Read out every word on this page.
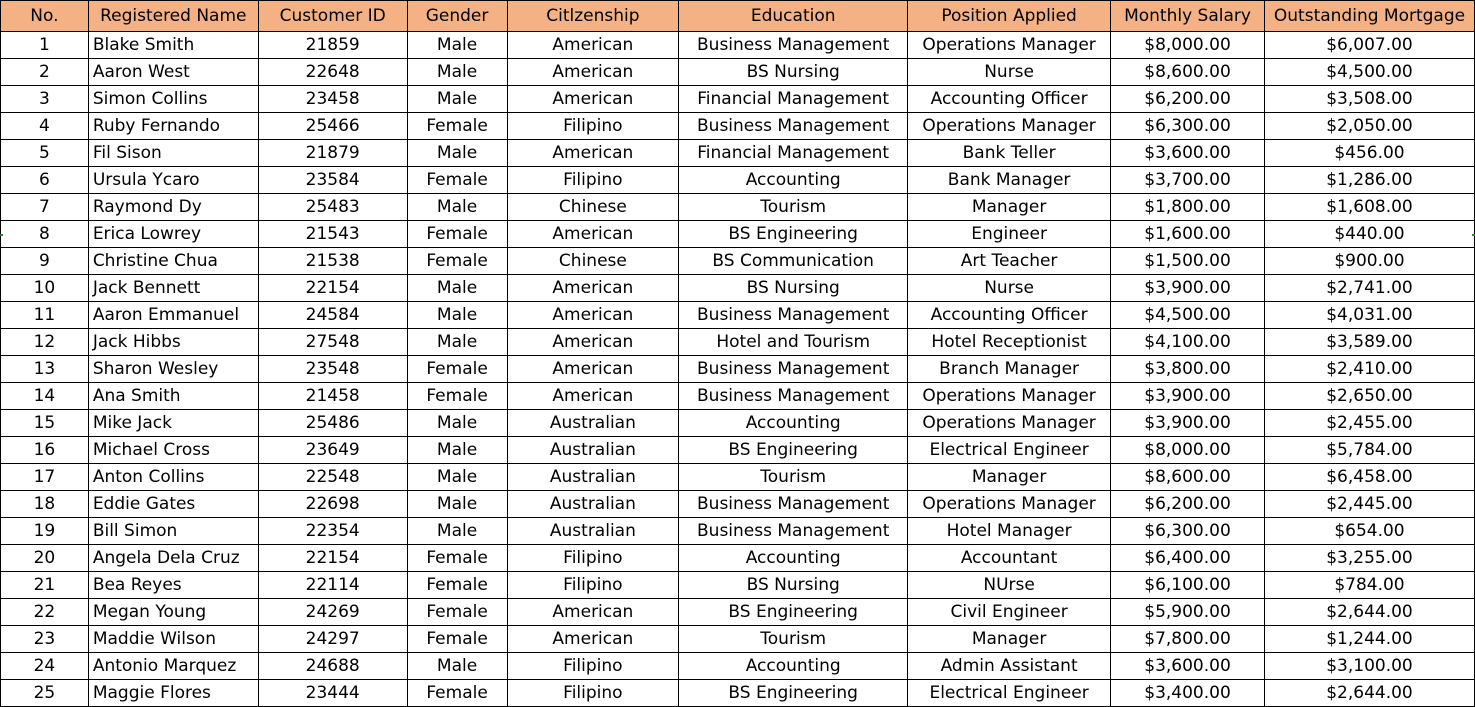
No.	Registered Name	Customer ID	Gender	Citlzenship	Education	Position Applied	Monthly Salary	Outstanding Mortgage
1	Blake Smith	21859	Male	American	Business Management	Operations Manager	$8,000.00	$6,007.00
2	Aaron West	22648	Male	American	BS Nursing	Nurse	$8,600.00	$4,500.00
3	Simon Collins	23458	Male	American	Financial Management	Accounting Officer	$6,200.00	$3,508.00
4	Ruby Fernando	25466	Female	Filipino	Business Management	Operations Manager	$6,300.00	$2,050.00
5	Fil Sison	21879	Male	American	Financial Management	Bank Teller	$3,600.00	$456.00
6	Ursula Ycaro	23584	Female	Filipino	Accounting	Bank Manager	$3,700.00	$1,286.00
7	Raymond Dy	25483	Male	Chinese	Tourism	Manager	$1,800.00	$1,608.00
8	Erica Lowrey	21543	Female	American	BS Engineering	Engineer	$1,600.00	$440.00
9	Christine Chua	21538	Female	Chinese	BS Communication	Art Teacher	$1,500.00	$900.00
10	Jack Bennett	22154	Male	American	BS Nursing	Nurse	$3,900.00	$2,741.00
11	Aaron Emmanuel	24584	Male	American	Business Management	Accounting Officer	$4,500.00	$4,031.00
12	Jack Hibbs	27548	Male	American	Hotel and Tourism	Hotel Receptionist	$4,100.00	$3,589.00
13	Sharon Wesley	23548	Female	American	Business Management	Branch Manager	$3,800.00	$2,410.00
14	Ana Smith	21458	Female	American	Business Management	Operations Manager	$3,900.00	$2,650.00
15	Mike Jack	25486	Male	Australian	Accounting	Operations Manager	$3,900.00	$2,455.00
16	Michael Cross	23649	Male	Australian	BS Engineering	Electrical Engineer	$8,000.00	$5,784.00
17	Anton Collins	22548	Male	Australian	Tourism	Manager	$8,600.00	$6,458.00
18	Eddie Gates	22698	Male	Australian	Business Management	Operations Manager	$6,200.00	$2,445.00
19	Bill Simon	22354	Male	Australian	Business Management	Hotel Manager	$6,300.00	$654.00
20	Angela Dela Cruz	22154	Female	Filipino	Accounting	Accountant	$6,400.00	$3,255.00
21	Bea Reyes	22114	Female	Filipino	BS Nursing	NUrse	$6,100.00	$784.00
22	Megan Young	24269	Female	American	BS Engineering	Civil Engineer	$5,900.00	$2,644.00
23	Maddie Wilson	24297	Female	American	Tourism	Manager	$7,800.00	$1,244.00
24	Antonio Marquez	24688	Male	Filipino	Accounting	Admin Assistant	$3,600.00	$3,100.00
25	Maggie Flores	23444	Female	Filipino	BS Engineering	Electrical Engineer	$3,400.00	$2,644.00
